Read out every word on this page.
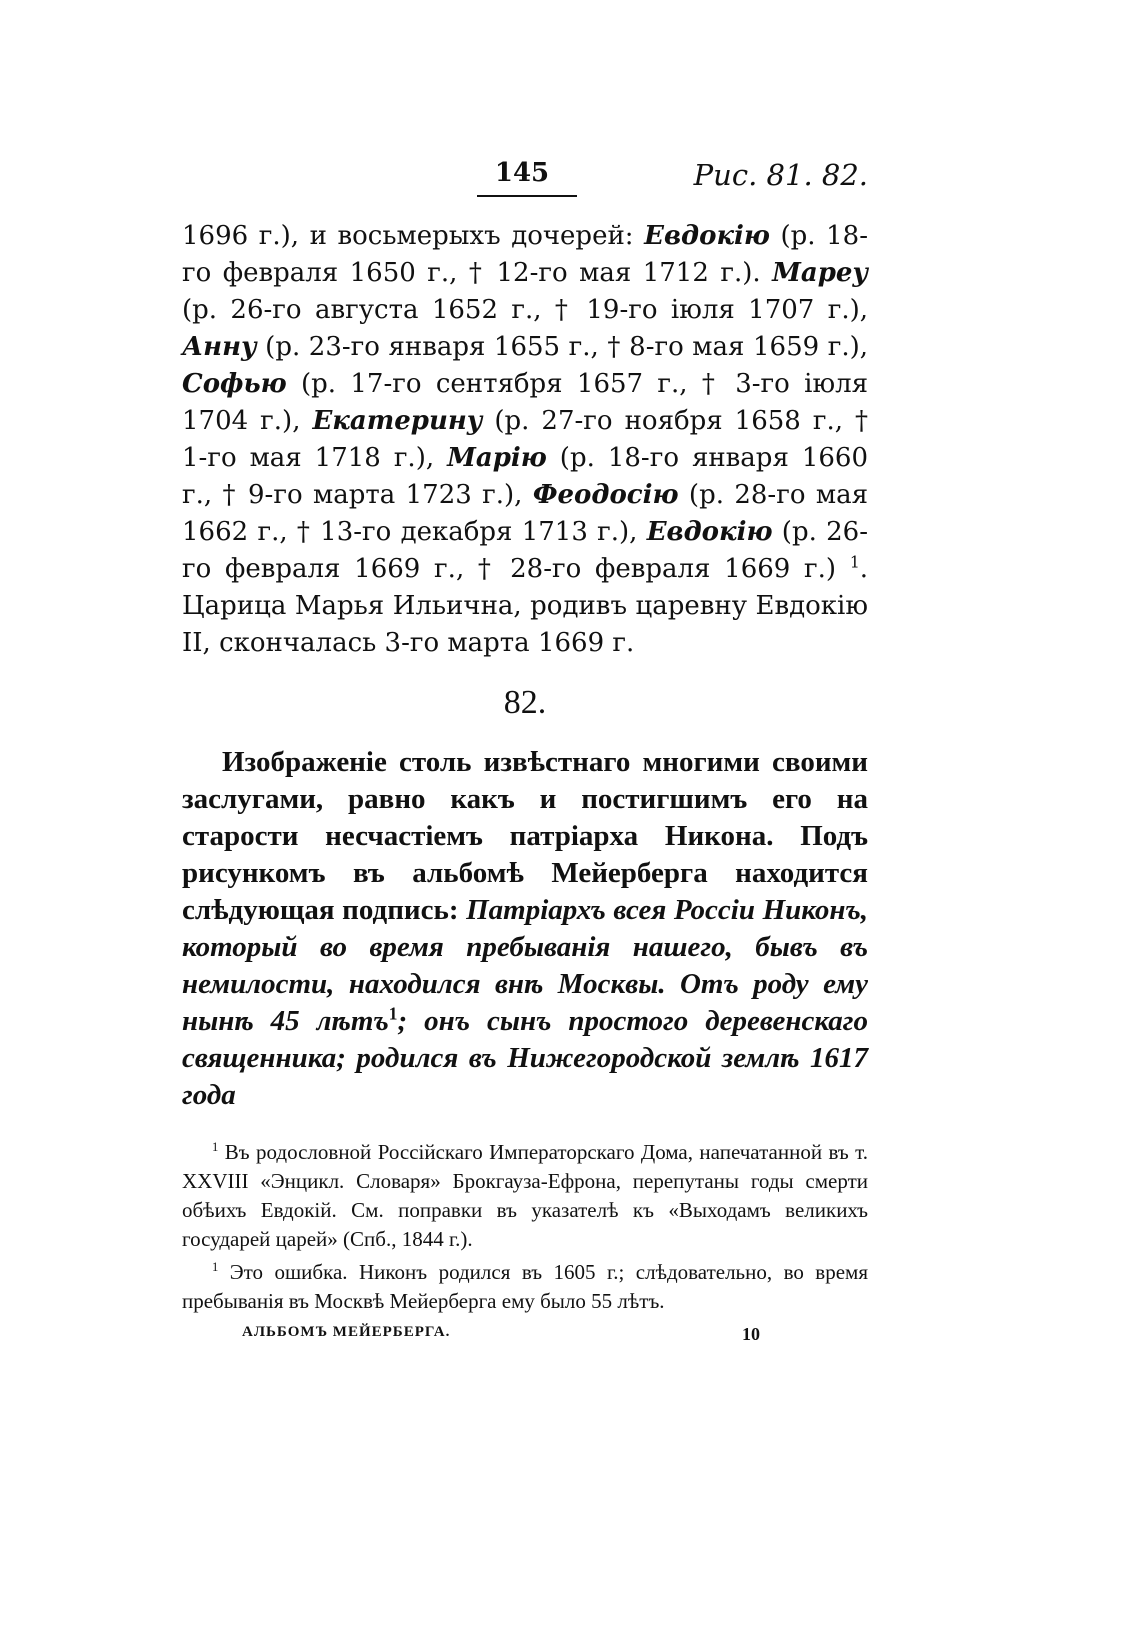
145	Рис. 81. 82.

1696 г.), и восьмерыхъ дочерей: Евдокію (р. 18-го февраля 1650 г., † 12-го мая 1712 г.). Мареу (р. 26-го августа 1652 г., † 19-го іюля 1707 г.), Анну (р. 23-го января 1655 г., † 8-го мая 1659 г.), Софью (р. 17-го сентября 1657 г., † 3-го іюля 1704 г.), Екатерину (р. 27-го ноября 1658 г., † 1-го мая 1718 г.), Марію (р. 18-го января 1660 г., † 9-го марта 1723 г.), Феодосію (р. 28-го мая 1662 г., † 13-го декабря 1713 г.), Евдокію (р. 26-го февраля 1669 г., † 28-го февраля 1669 г.) $^1$. Царица Марья Ильична, родивъ царевну Евдокію II, скончалась 3-го марта 1669 г.

82.
Изображеніе столь извѣстнаго многими своими заслугами, равно какъ и постигшимъ его на старости несчастіемъ патріарха Никона. Подъ рисункомъ въ альбомѣ Мейерберга находится слѣдующая подпись: Патріархъ всея Россіи Никонъ, который во время пребыванія нашего, бывъ въ немилости, находился внѣ Москвы. Отъ роду ему нынѣ 45 лѣтъ$^1$; онъ сынъ простого деревенскаго священника; родился въ Нижегородской землѣ 1617 года

$^1$ Въ родословной Россійскаго Императорскаго Дома, напечатанной въ т. XXVIII «Энцикл. Словаря» Брокгауза-Ефрона, перепутаны годы смерти обѣихъ Евдокій. См. поправки въ указателѣ къ «Выходамъ великихъ государей царей» (Спб., 1844 г.).

$^1$ Это ошибка. Никонъ родился въ 1605 г.; слѣдовательно, во время пребыванія въ Москвѣ Мейерберга ему было 55 лѣтъ.

АЛЬБОМЪ МЕЙЕРБЕРГА.	10
